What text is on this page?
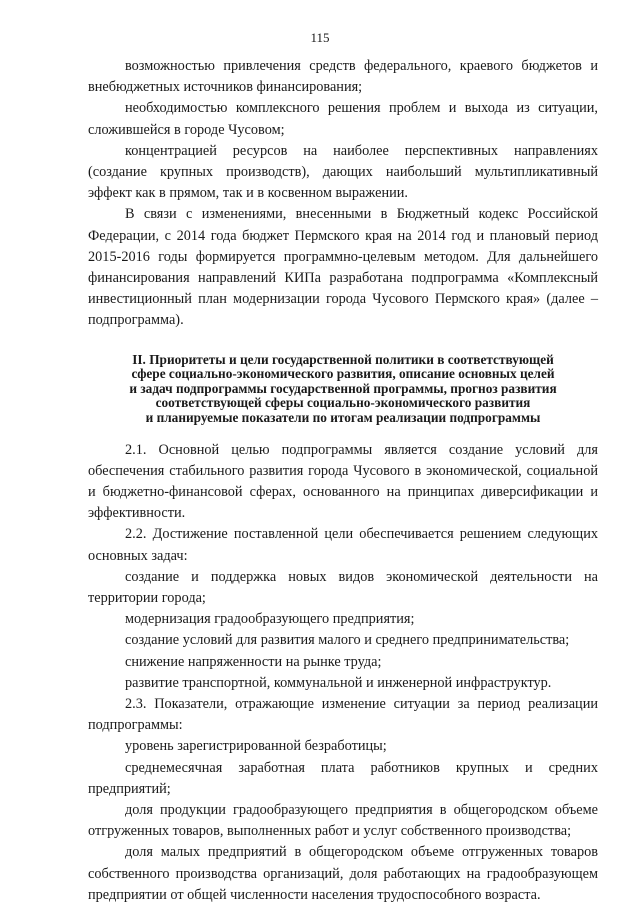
115

возможностью привлечения средств федерального, краевого бюджетов и внебюджетных источников финансирования;

необходимостью комплексного решения проблем и выхода из ситуации, сложившейся в городе Чусовом;

концентрацией ресурсов на наиболее перспективных направлениях (создание крупных производств), дающих наибольший мультипликативный эффект как в прямом, так и в косвенном выражении.

В связи с изменениями, внесенными в Бюджетный кодекс Российской Федерации, с 2014 года бюджет Пермского края на 2014 год и плановый период 2015-2016 годы формируется программно-целевым методом. Для дальнейшего финансирования направлений КИПа разработана подпрограмма «Комплексный инвестиционный план модернизации города Чусового Пермского края» (далее – подпрограмма).

II. Приоритеты и цели государственной политики в соответствующей
сфере социально-экономического развития, описание основных целей
и задач подпрограммы государственной программы, прогноз развития
соответствующей сферы социально-экономического развития
и планируемые показатели по итогам реализации подпрограммы

2.1. Основной целью подпрограммы является создание условий для обеспечения стабильного развития города Чусового в экономической, социальной и бюджетно-финансовой сферах, основанного на принципах диверсификации и эффективности.

2.2. Достижение поставленной цели обеспечивается решением следующих основных задач:

создание и поддержка новых видов экономической деятельности на территории города;

модернизация градообразующего предприятия;

создание условий для развития малого и среднего предпринимательства;

снижение напряженности на рынке труда;

развитие транспортной, коммунальной и инженерной инфраструктур.

2.3. Показатели, отражающие изменение ситуации за период реализации подпрограммы:

уровень зарегистрированной безработицы;

среднемесячная заработная плата работников крупных и средних предприятий;

доля продукции градообразующего предприятия в общегородском объеме отгруженных товаров, выполненных работ и услуг собственного производства;

доля малых предприятий в общегородском объеме отгруженных товаров собственного производства организаций, доля работающих на градообразующем предприятии от общей численности населения трудоспособного возраста.
